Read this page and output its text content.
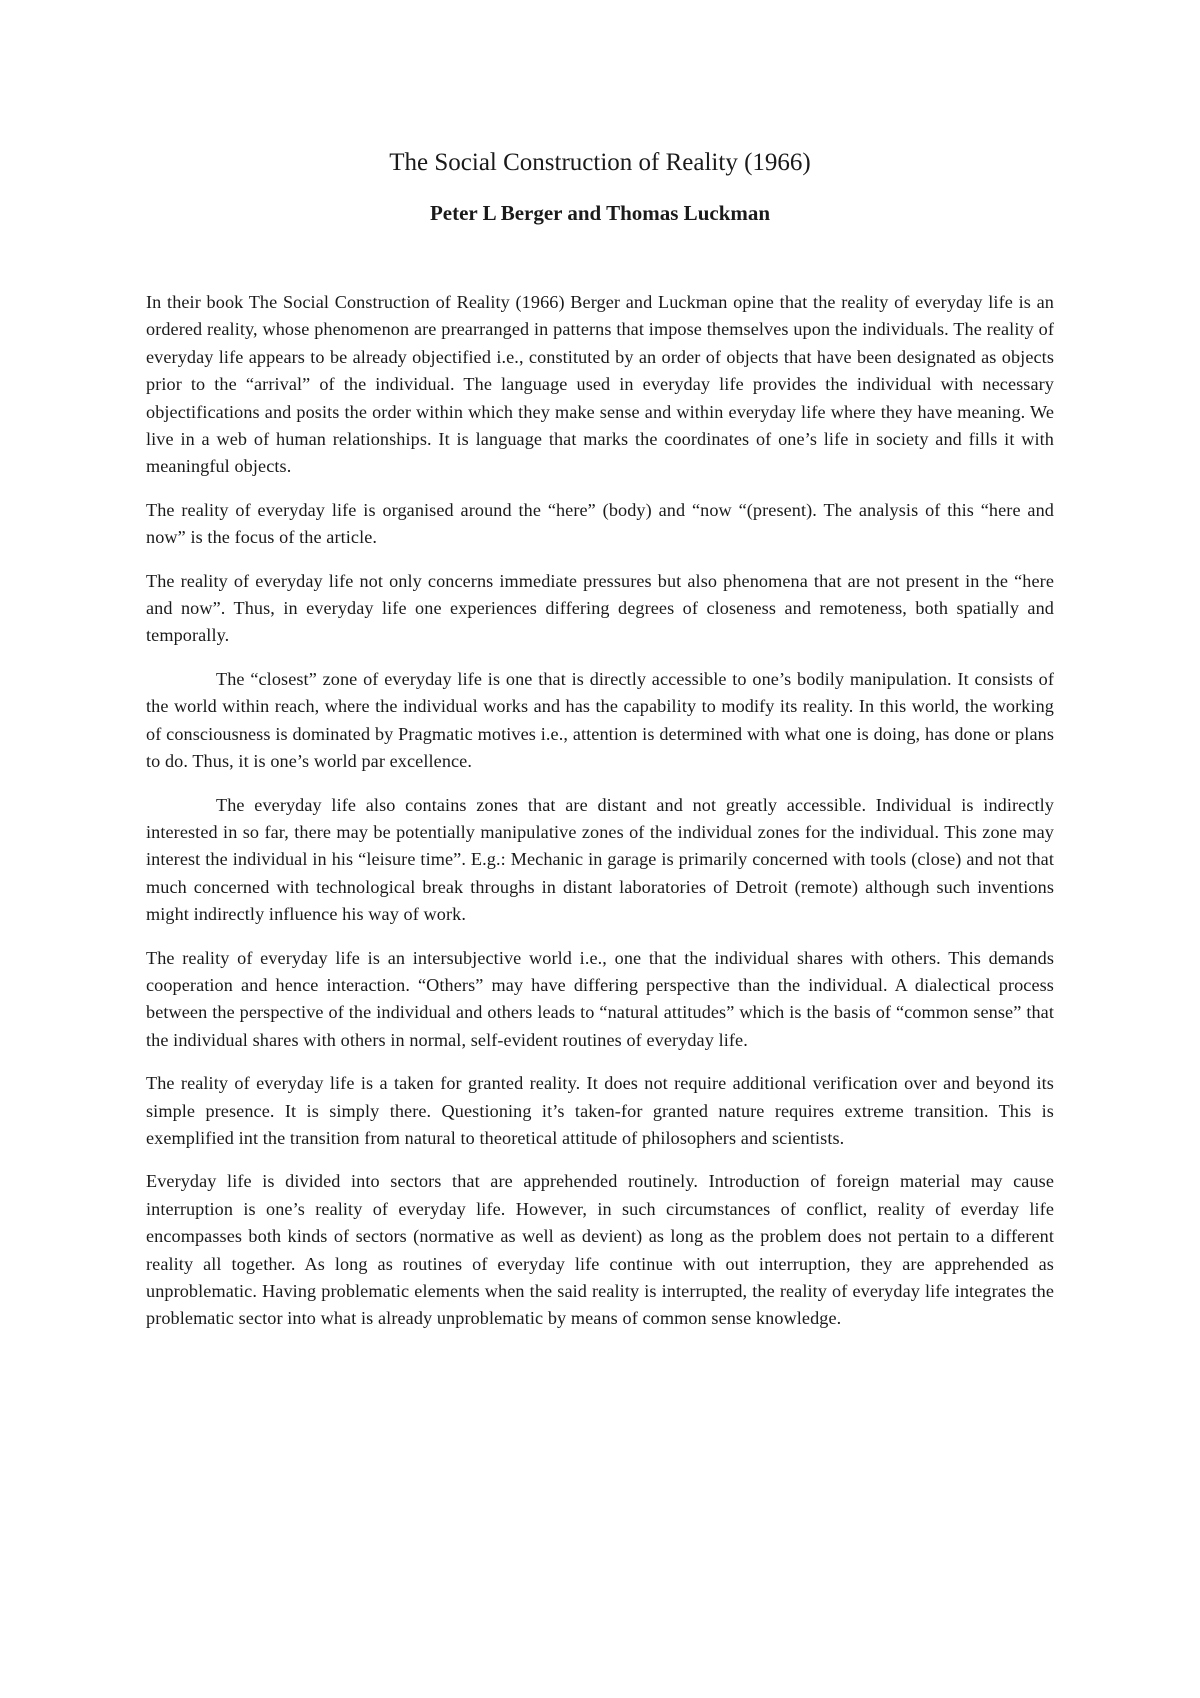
The Social Construction of Reality (1966)
Peter L Berger and Thomas Luckman

In their book The Social Construction of Reality (1966) Berger and Luckman opine that the reality of everyday life is an ordered reality, whose phenomenon are prearranged in patterns that impose themselves upon the individuals. The reality of everyday life appears to be already objectified i.e., constituted by an order of objects that have been designated as objects prior to the “arrival” of the individual. The language used in everyday life provides the individual with necessary objectifications and posits the order within which they make sense and within everyday life where they have meaning. We live in a web of human relationships. It is language that marks the coordinates of one’s life in society and fills it with meaningful objects.

The reality of everyday life is organised around the “here” (body) and “now “(present). The analysis of this “here and now” is the focus of the article.

The reality of everyday life not only concerns immediate pressures but also phenomena that are not present in the “here and now”. Thus, in everyday life one experiences differing degrees of closeness and remoteness, both spatially and temporally.

The “closest” zone of everyday life is one that is directly accessible to one’s bodily manipulation. It consists of the world within reach, where the individual works and has the capability to modify its reality. In this world, the working of consciousness is dominated by Pragmatic motives i.e., attention is determined with what one is doing, has done or plans to do. Thus, it is one’s world par excellence.

The everyday life also contains zones that are distant and not greatly accessible. Individual is indirectly interested in so far, there may be potentially manipulative zones of the individual zones for the individual. This zone may interest the individual in his “leisure time”. E.g.: Mechanic in garage is primarily concerned with tools (close) and not that much concerned with technological break throughs in distant laboratories of Detroit (remote) although such inventions might indirectly influence his way of work.

The reality of everyday life is an intersubjective world i.e., one that the individual shares with others. This demands cooperation and hence interaction. “Others” may have differing perspective than the individual. A dialectical process between the perspective of the individual and others leads to “natural attitudes” which is the basis of “common sense” that the individual shares with others in normal, self-evident routines of everyday life.

The reality of everyday life is a taken for granted reality. It does not require additional verification over and beyond its simple presence. It is simply there. Questioning it’s taken-for granted nature requires extreme transition. This is exemplified int the transition from natural to theoretical attitude of philosophers and scientists.

Everyday life is divided into sectors that are apprehended routinely. Introduction of foreign material may cause interruption is one’s reality of everyday life. However, in such circumstances of conflict, reality of everday life encompasses both kinds of sectors (normative as well as devient) as long as the problem does not pertain to a different reality all together. As long as routines of everyday life continue with out interruption, they are apprehended as unproblematic. Having problematic elements when the said reality is interrupted, the reality of everyday life integrates the problematic sector into what is already unproblematic by means of common sense knowledge.
